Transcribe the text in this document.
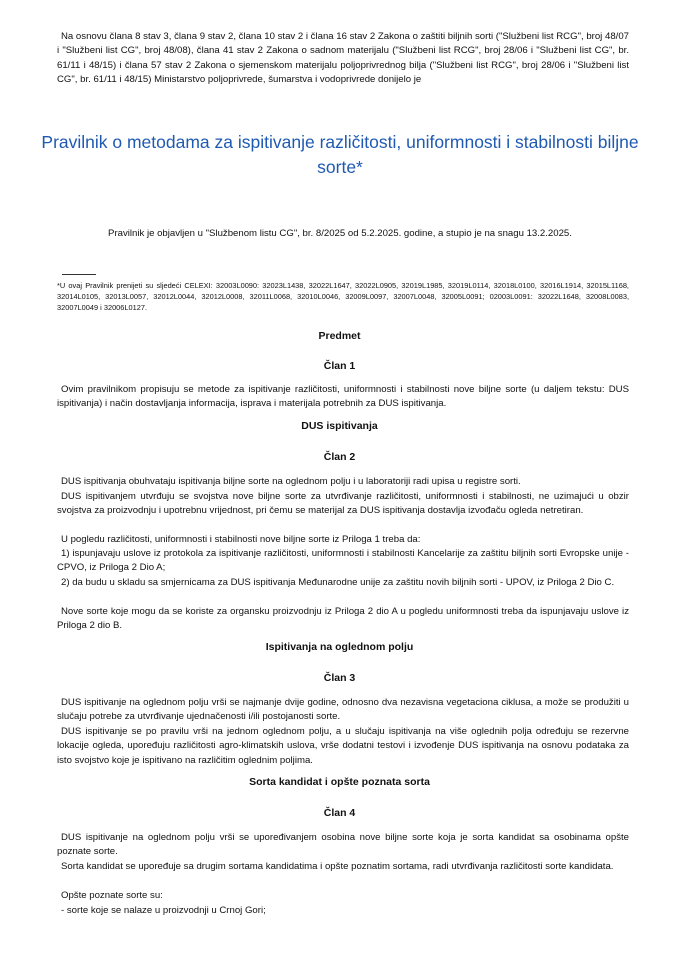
Na osnovu člana 8 stav 3, člana 9 stav 2, člana 10 stav 2 i člana 16 stav 2 Zakona o zaštiti biljnih sorti ("Službeni list RCG", broj 48/07 i "Službeni list CG", broj 48/08), člana 41 stav 2 Zakona o sadnom materijalu ("Službeni list RCG", broj 28/06 i "Službeni list CG", br. 61/11 i 48/15) i člana 57 stav 2 Zakona o sjemenskom materijalu poljoprivrednog bilja ("Službeni list RCG", broj 28/06 i "Službeni list CG", br. 61/11 i 48/15) Ministarstvo poljoprivrede, šumarstva i vodoprivrede donijelo je

Pravilnik o metodama za ispitivanje različitosti, uniformnosti i stabilnosti biljne sorte*

Pravilnik je objavljen u "Službenom listu CG", br. 8/2025 od 5.2.2025. godine, a stupio je na snagu 13.2.2025.

*U ovaj Pravilnik prenijeti su sljedeći CELEXI: 32003L0090: 32023L1438, 32022L1647, 32022L0905, 32019L1985, 32019L0114, 32018L0100, 32016L1914, 32015L1168, 32014L0105, 32013L0057, 32012L0044, 32012L0008, 32011L0068, 32010L0046, 32009L0097, 32007L0048, 32005L0091; 02003L0091: 32022L1648, 32008L0083, 32007L0049 i 32006L0127.

Predmet

Član 1

Ovim pravilnikom propisuju se metode za ispitivanje različitosti, uniformnosti i stabilnosti nove biljne sorte (u daljem tekstu: DUS ispitivanja) i način dostavljanja informacija, isprava i materijala potrebnih za DUS ispitivanja.

DUS ispitivanja

Član 2

DUS ispitivanja obuhvataju ispitivanja biljne sorte na oglednom polju i u laboratoriji radi upisa u registre sorti.

DUS ispitivanjem utvrđuju se svojstva nove biljne sorte za utvrđivanje različitosti, uniformnosti i stabilnosti, ne uzimajući u obzir svojstva za proizvodnju i upotrebnu vrijednost, pri čemu se materijal za DUS ispitivanja dostavlja izvođaču ogleda netretiran.

U pogledu različitosti, uniformnosti i stabilnosti nove biljne sorte iz Priloga 1 treba da:

1) ispunjavaju uslove iz protokola za ispitivanje različitosti, uniformnosti i stabilnosti Kancelarije za zaštitu biljnih sorti Evropske unije - CPVO, iz Priloga 2 Dio A;

2) da budu u skladu sa smjernicama za DUS ispitivanja Međunarodne unije za zaštitu novih biljnih sorti - UPOV, iz Priloga 2 Dio C.

Nove sorte koje mogu da se koriste za organsku proizvodnju iz Priloga 2 dio A u pogledu uniformnosti treba da ispunjavaju uslove iz Priloga 2 dio B.

Ispitivanja na oglednom polju

Član 3

DUS ispitivanje na oglednom polju vrši se najmanje dvije godine, odnosno dva nezavisna vegetaciona ciklusa, a može se produžiti u slučaju potrebe za utvrđivanje ujednačenosti i/ili postojanosti sorte.

DUS ispitivanje se po pravilu vrši na jednom oglednom polju, a u slučaju ispitivanja na više oglednih polja određuju se rezervne lokacije ogleda, upoređuju različitosti agro-klimatskih uslova, vrše dodatni testovi i izvođenje DUS ispitivanja na osnovu podataka za isto svojstvo koje je ispitivano na različitim oglednim poljima.

Sorta kandidat i opšte poznata sorta

Član 4

DUS ispitivanje na oglednom polju vrši se upoređivanjem osobina nove biljne sorte koja je sorta kandidat sa osobinama opšte poznate sorte.

Sorta kandidat se upoređuje sa drugim sortama kandidatima i opšte poznatim sortama, radi utvrđivanja različitosti sorte kandidata.

Opšte poznate sorte su:

- sorte koje se nalaze u proizvodnji u Crnoj Gori;
